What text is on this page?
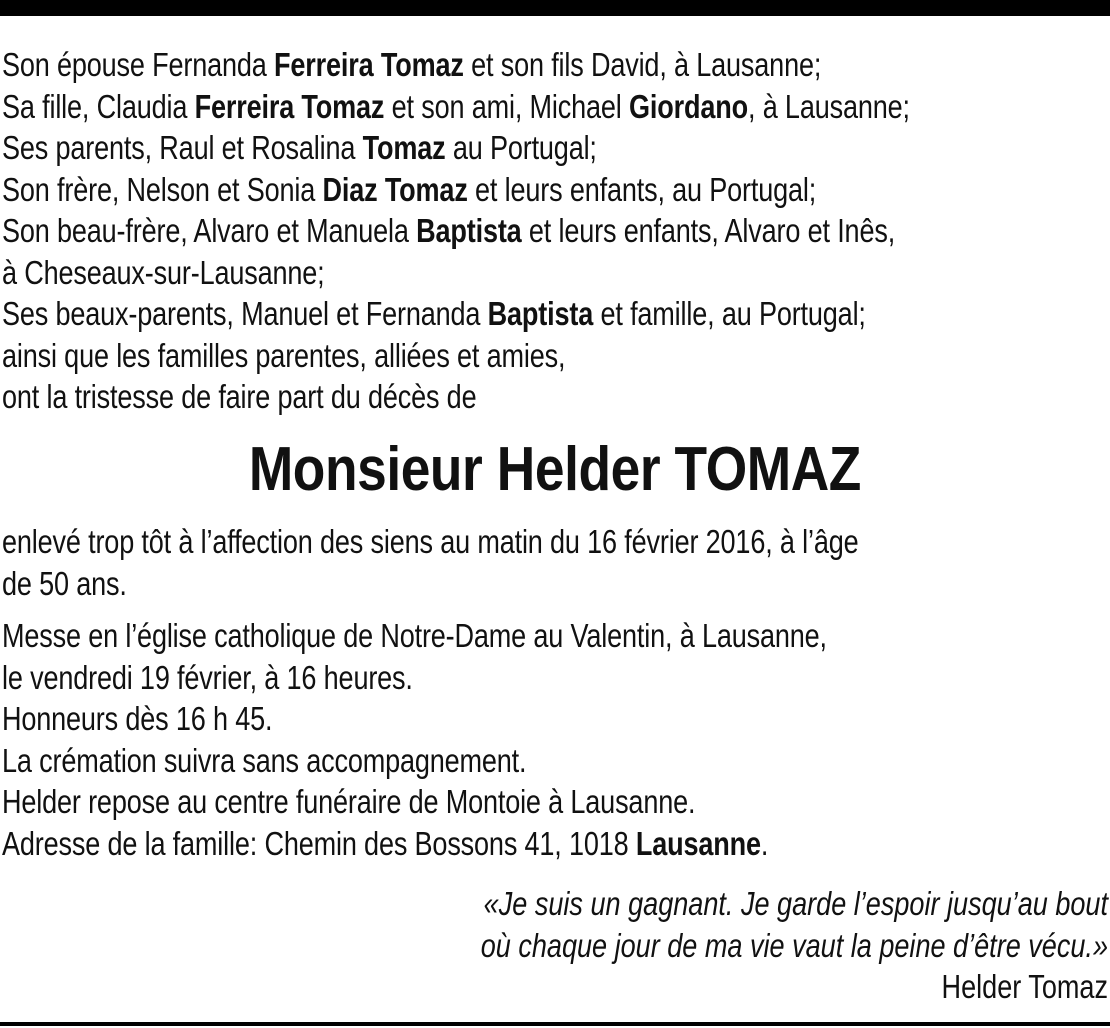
Son épouse Fernanda Ferreira Tomaz et son fils David, à Lausanne;
Sa fille, Claudia Ferreira Tomaz et son ami, Michael Giordano, à Lausanne;
Ses parents, Raul et Rosalina Tomaz au Portugal;
Son frère, Nelson et Sonia Diaz Tomaz et leurs enfants, au Portugal;
Son beau-frère, Alvaro et Manuela Baptista et leurs enfants, Alvaro et Inês,
à Cheseaux-sur-Lausanne;
Ses beaux-parents, Manuel et Fernanda Baptista et famille, au Portugal;
ainsi que les familles parentes, alliées et amies,
ont la tristesse de faire part du décès de
Monsieur Helder TOMAZ
enlevé trop tôt à l’affection des siens au matin du 16 février 2016, à l’âge
de 50 ans.
Messe en l’église catholique de Notre-Dame au Valentin, à Lausanne,
le vendredi 19 février, à 16 heures.
Honneurs dès 16 h 45.
La crémation suivra sans accompagnement.
Helder repose au centre funéraire de Montoie à Lausanne.
Adresse de la famille: Chemin des Bossons 41, 1018 Lausanne.
«Je suis un gagnant. Je garde l’espoir jusqu’au bout
où chaque jour de ma vie vaut la peine d’être vécu.»
Helder Tomaz
